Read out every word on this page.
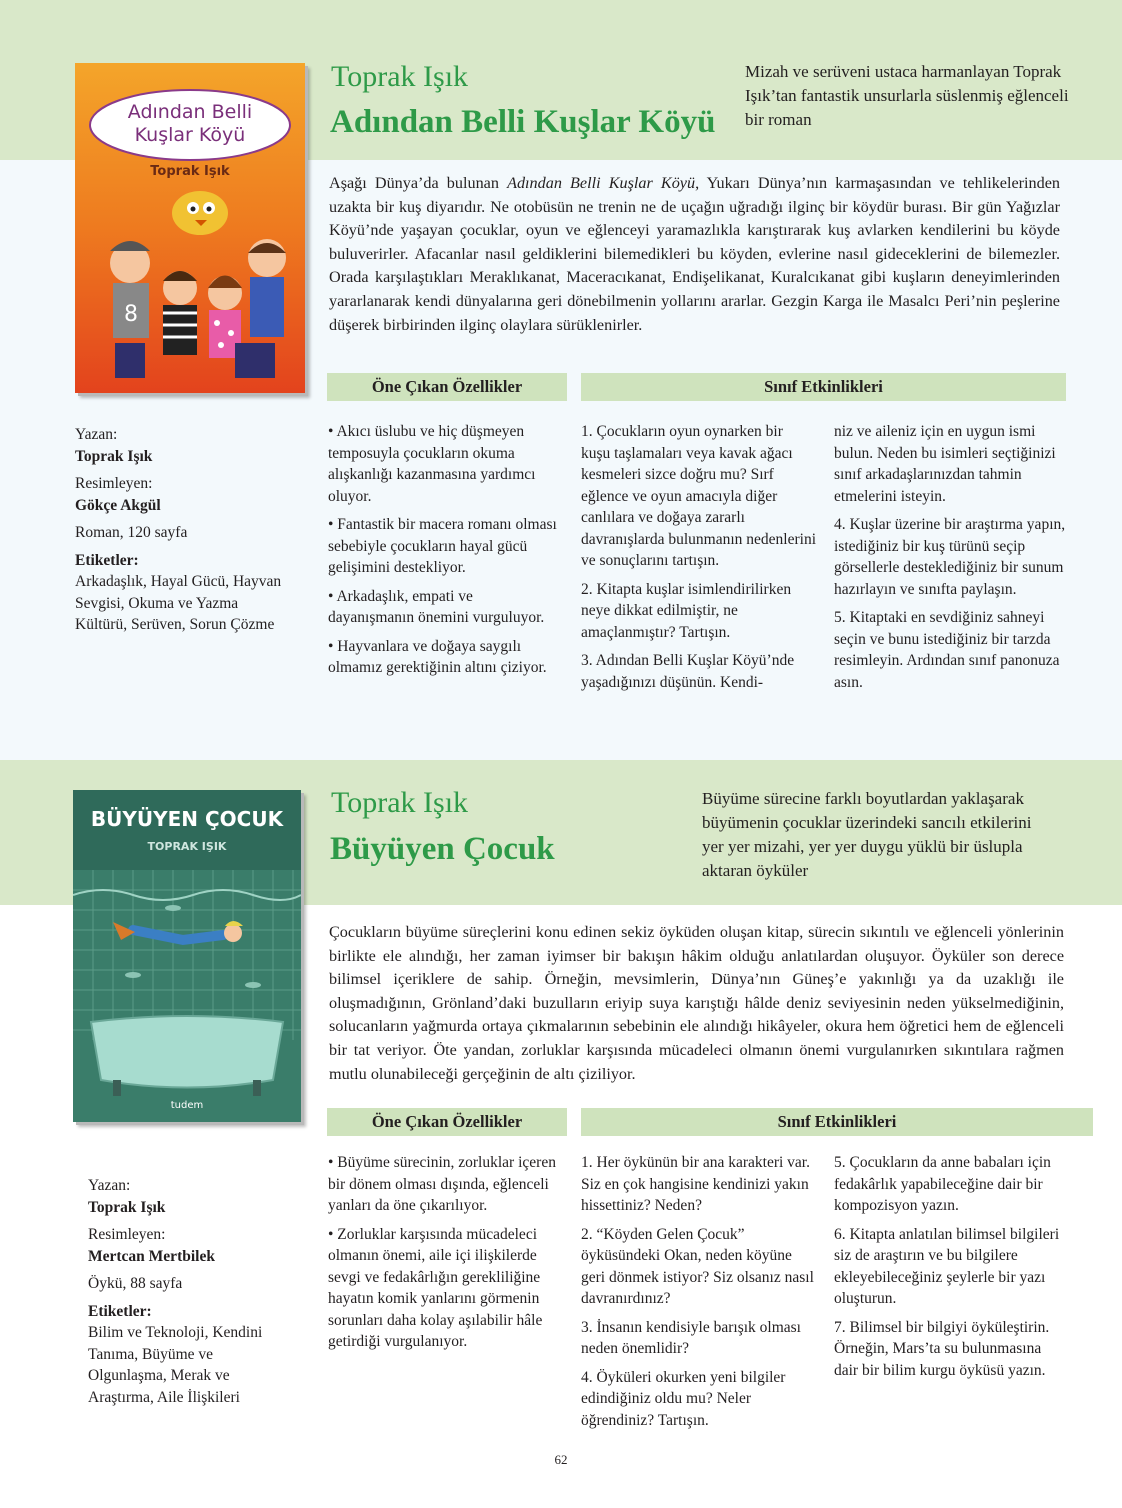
Adından Belli
Kuşlar Köyü
Toprak Işık
8
Toprak Işık
Adından Belli Kuşlar Köyü
Mizah ve serüveni ustaca harmanlayan Toprak Işık’tan fantastik unsurlarla süslenmiş eğlenceli bir roman
Aşağı Dünya’da bulunan Adından Belli Kuşlar Köyü, Yukarı Dünya’nın karmaşasından ve tehlikelerinden uzakta bir kuş diyarıdır. Ne otobüsün ne trenin ne de uçağın uğradığı ilginç bir köydür burası. Bir gün Yağızlar Köyü’nde yaşayan çocuklar, oyun ve eğlenceyi yaramazlıkla karıştırarak kuş avlarken kendilerini bu köyde buluverirler. Afacanlar nasıl geldiklerini bilemedikleri bu köyden, evlerine nasıl gideceklerini de bilemezler. Orada karşılaştıkları Meraklıkanat, Maceracıkanat, Endişelikanat, Kuralcıkanat gibi kuşların deneyimlerinden yararlanarak kendi dünyalarına geri dönebilmenin yollarını ararlar. Gezgin Karga ile Masalcı Peri’nin peşlerine düşerek birbirinden ilginç olaylara sürüklenirler.
Öne Çıkan Özellikler	Sınıf Etkinlikleri
Yazan:
Toprak Işık
Resimleyen:
Gökçe Akgül
Roman, 120 sayfa
Etiketler:
Arkadaşlık, Hayal Gücü, Hayvan Sevgisi, Okuma ve Yazma Kültürü, Serüven, Sorun Çözme

• Akıcı üslubu ve hiç düşmeyen temposuyla çocukların okuma alışkanlığı kazanmasına yardımcı oluyor.

• Fantastik bir macera romanı olması sebebiyle çocukların hayal gücü gelişimini destekliyor.

• Arkadaşlık, empati ve dayanışmanın önemini vurguluyor.

• Hayvanlara ve doğaya saygılı olmamız gerektiğinin altını çiziyor.

1. Çocukların oyun oynarken bir kuşu taşlamaları veya kavak ağacı kesmeleri sizce doğru mu? Sırf eğlence ve oyun amacıyla diğer canlılara ve doğaya zararlı davranışlarda bulunmanın nedenlerini ve sonuçlarını tartışın.

2. Kitapta kuşlar isimlendirilirken neye dikkat edilmiştir, ne amaçlanmıştır? Tartışın.

3. Adından Belli Kuşlar Köyü’nde yaşadığınızı düşünün. Kendi-

niz ve aileniz için en uygun ismi bulun. Neden bu isimleri seçtiğinizi sınıf arkadaşlarınızdan tahmin etmelerini isteyin.

4. Kuşlar üzerine bir araştırma yapın, istediğiniz bir kuş türünü seçip görsellerle desteklediğiniz bir sunum hazırlayın ve sınıfta paylaşın.

5. Kitaptaki en sevdiğiniz sahneyi seçin ve bunu istediğiniz bir tarzda resimleyin. Ardından sınıf panonuza asın.

BÜYÜYEN ÇOCUK
TOPRAK IŞIK
tudem
Toprak Işık
Büyüyen Çocuk
Büyüme sürecine farklı boyutlardan yaklaşarak büyümenin çocuklar üzerindeki sancılı etkilerini yer yer mizahi, yer yer duygu yüklü bir üslupla aktaran öyküler
Çocukların büyüme süreçlerini konu edinen sekiz öyküden oluşan kitap, sürecin sıkıntılı ve eğlenceli yönlerinin birlikte ele alındığı, her zaman iyimser bir bakışın hâkim olduğu anlatılardan oluşuyor. Öyküler son derece bilimsel içeriklere de sahip. Örneğin, mevsimlerin, Dünya’nın Güneş’e yakınlığı ya da uzaklığı ile oluşmadığının, Grönland’daki buzulların eriyip suya karıştığı hâlde deniz seviyesinin neden yükselmediğinin, solucanların yağmurda ortaya çıkmalarının sebebinin ele alındığı hikâyeler, okura hem öğretici hem de eğlenceli bir tat veriyor. Öte yandan, zorluklar karşısında mücadeleci olmanın önemi vurgulanırken sıkıntılara rağmen mutlu olunabileceği gerçeğinin de altı çiziliyor.
Öne Çıkan Özellikler	Sınıf Etkinlikleri
Yazan:
Toprak Işık
Resimleyen:
Mertcan Mertbilek
Öykü, 88 sayfa
Etiketler:
Bilim ve Teknoloji, Kendini Tanıma, Büyüme ve Olgunlaşma, Merak ve Araştırma, Aile İlişkileri

• Büyüme sürecinin, zorluklar içeren bir dönem olması dışında, eğlenceli yanları da öne çıkarılıyor.

• Zorluklar karşısında mücadeleci olmanın önemi, aile içi ilişkilerde sevgi ve fedakârlığın gerekliliğine hayatın komik yanlarını görmenin sorunları daha kolay aşılabilir hâle getirdiği vurgulanıyor.

1. Her öykünün bir ana karakteri var. Siz en çok hangisine kendinizi yakın hissettiniz? Neden?

2. “Köyden Gelen Çocuk” öyküsündeki Okan, neden köyüne geri dönmek istiyor? Siz olsanız nasıl davranırdınız?

3. İnsanın kendisiyle barışık olması neden önemlidir?

4. Öyküleri okurken yeni bilgiler edindiğiniz oldu mu? Neler öğrendiniz? Tartışın.

5. Çocukların da anne babaları için fedakârlık yapabileceğine dair bir kompozisyon yazın.

6. Kitapta anlatılan bilimsel bilgileri siz de araştırın ve bu bilgilere ekleyebileceğiniz şeylerle bir yazı oluşturun.

7. Bilimsel bir bilgiyi öyküleştirin. Örneğin, Mars’ta su bulunmasına dair bir bilim kurgu öyküsü yazın.

62
